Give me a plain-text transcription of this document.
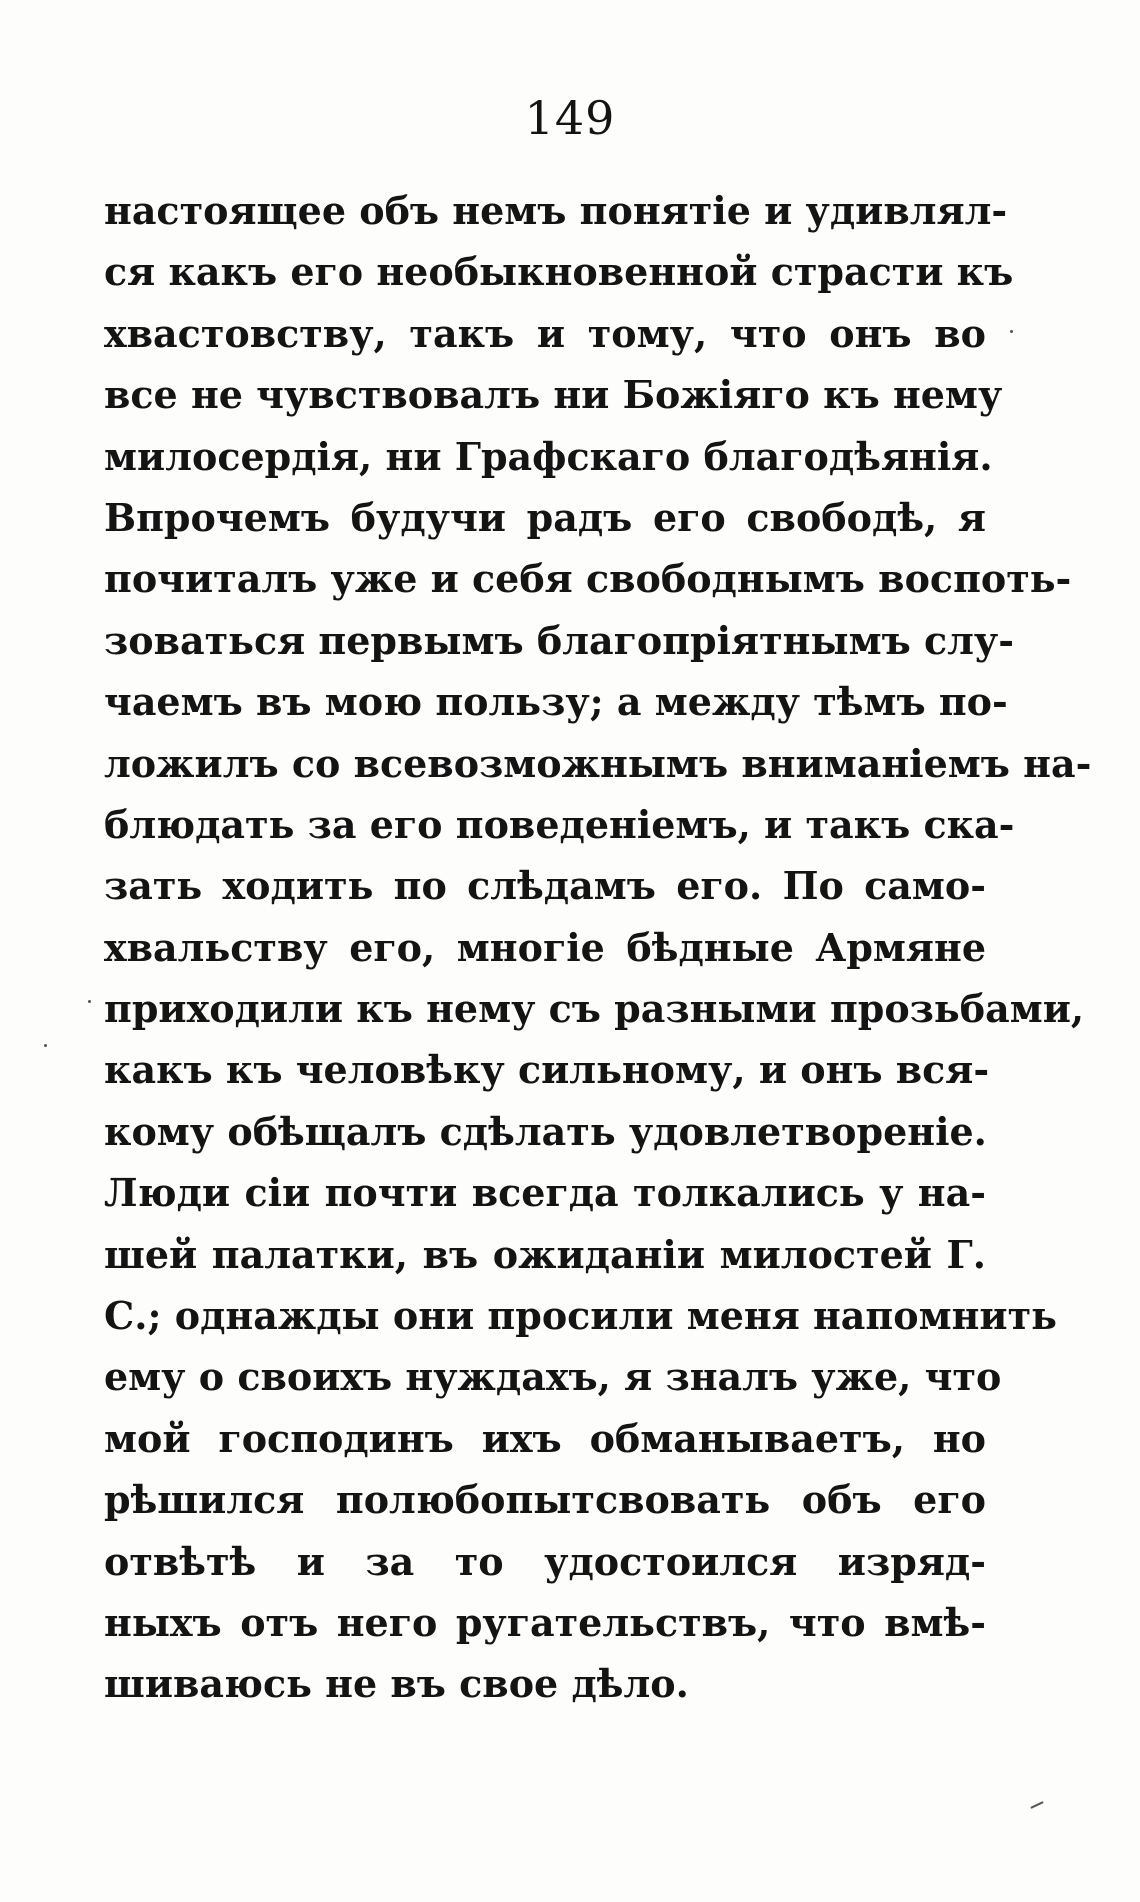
149
настоящее объ немъ понятіе и удивлял-
ся какъ его необыкновенной страсти къ
хвастовству, такъ и тому, что онъ во
все не чувствовалъ ни Божіяго къ нему
милосердія, ни Графскаго благодѣянія.
Впрочемъ будучи радъ его свободѣ, я
почиталъ уже и себя свободнымъ воспоть-
зоваться первымъ благопріятнымъ слу-
чаемъ въ мою пользу; а между тѣмъ по-
ложилъ со всевозможнымъ вниманіемъ на-
блюдать за его поведеніемъ, и такъ ска-
зать ходить по слѣдамъ его. По само-
хвальству его, многіе бѣдные Армяне
приходили къ нему съ разными прозьбами,
какъ къ человѣку сильному, и онъ вся-
кому обѣщалъ сдѣлать удовлетвореніе.
Люди сіи почти всегда толкались у на-
шей палатки, въ ожиданіи милостей Г.
С.; однажды они просили меня напомнить
ему о своихъ нуждахъ, я зналъ уже, что
мой господинъ ихъ обманываетъ, но
рѣшился полюбопытсвовать объ его
отвѣтѣ и за то удостоился изряд-
ныхъ отъ него ругательствъ, что вмѣ-
шиваюсь не въ свое дѣло.
